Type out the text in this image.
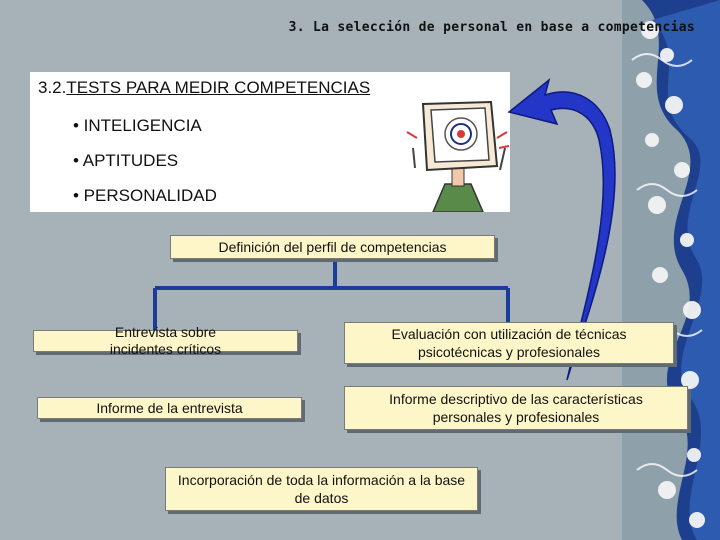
3. La selección de personal en base a competencias
3.2.TESTS PARA MEDIR COMPETENCIAS
• INTELIGENCIA
• APTITUDES
• PERSONALIDAD
Definición del perfil de competencias
Entrevista sobre incidentes críticos
Evaluación con utilización de técnicas psicotécnicas y profesionales
Informe de la entrevista
Informe descriptivo de las características personales y profesionales
Incorporación de toda la información a la base de datos
